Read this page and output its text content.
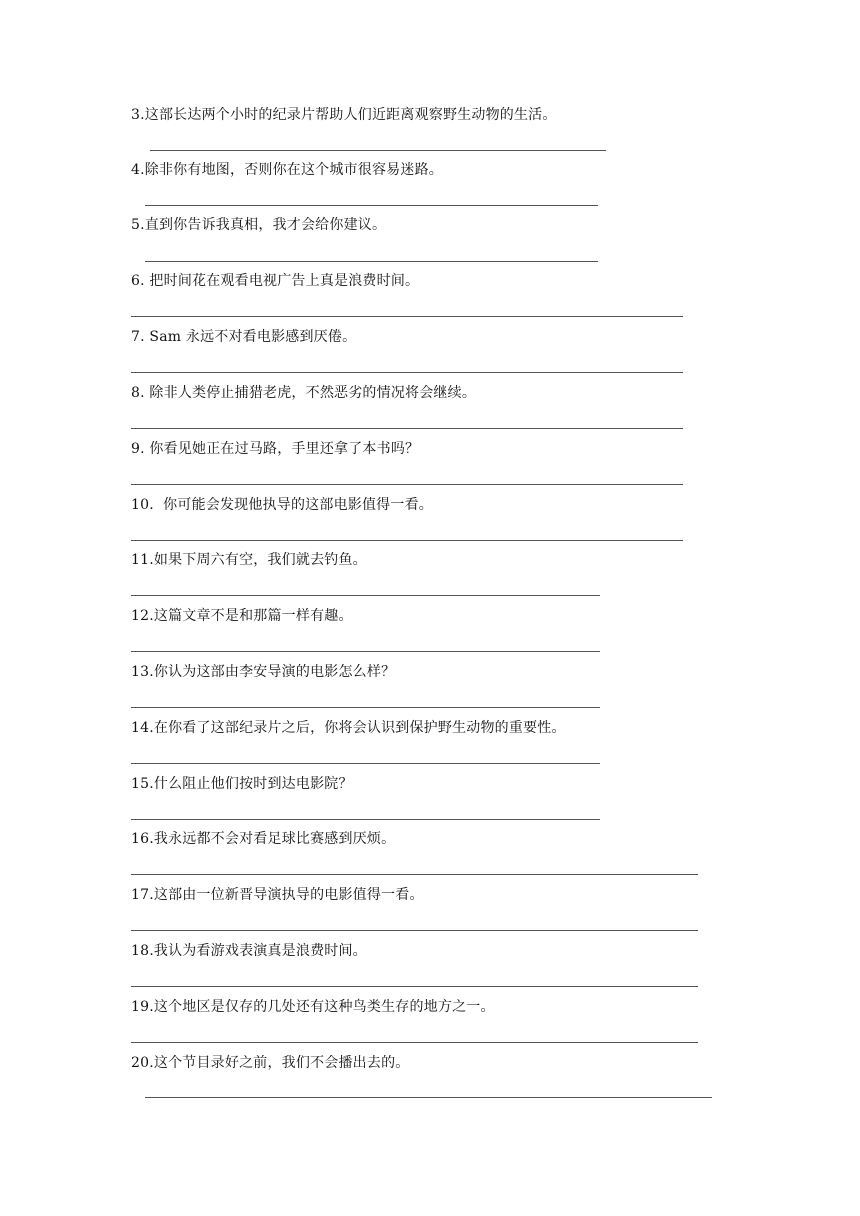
3.这部长达两个小时的纪录片帮助人们近距离观察野生动物的生活。
4.除非你有地图，否则你在这个城市很容易迷路。
5.直到你告诉我真相，我才会给你建议。
6. 把时间花在观看电视广告上真是浪费时间。
7. Sam 永远不对看电影感到厌倦。
8. 除非人类停止捕猎老虎，不然恶劣的情况将会继续。
9. 你看见她正在过马路，手里还拿了本书吗？
10.  你可能会发现他执导的这部电影值得一看。
11.如果下周六有空，我们就去钓鱼。
12.这篇文章不是和那篇一样有趣。
13.你认为这部由李安导演的电影怎么样？
14.在你看了这部纪录片之后，你将会认识到保护野生动物的重要性。
15.什么阻止他们按时到达电影院？
16.我永远都不会对看足球比赛感到厌烦。
17.这部由一位新晋导演执导的电影值得一看。
18.我认为看游戏表演真是浪费时间。
19.这个地区是仅存的几处还有这种鸟类生存的地方之一。
20.这个节目录好之前，我们不会播出去的。
